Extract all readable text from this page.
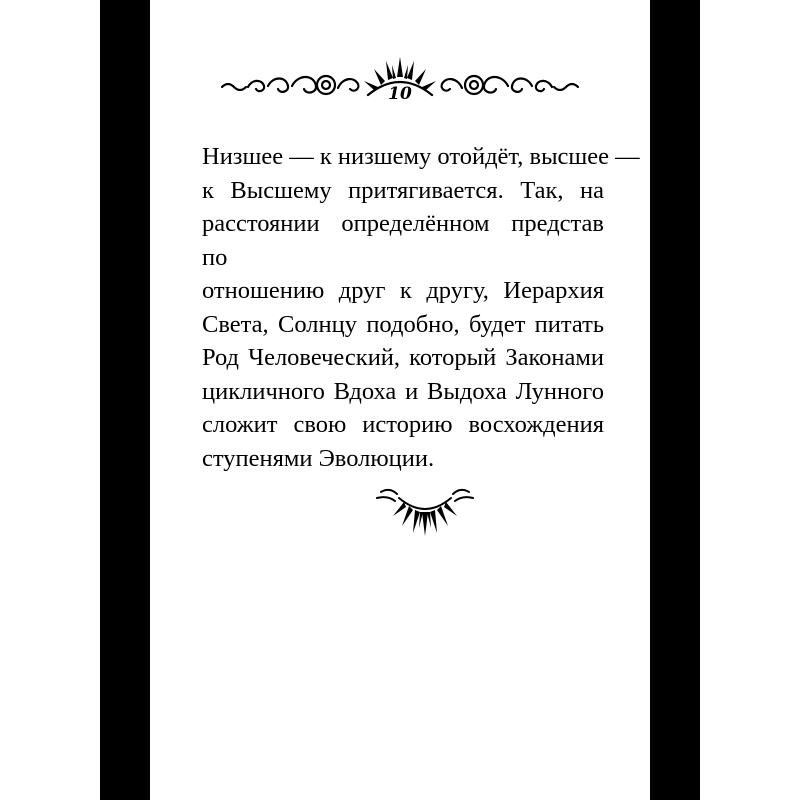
10
Низшее — к низшему отойдёт, высшее —
к Высшему притягивается. Так, на
расстоянии определённом представ по
отношению друг к другу, Иерархия
Света, Солнцу подобно, будет питать
Род Человеческий, который Законами
цикличного Вдоха и Выдоха Лунного
сложит свою историю восхождения
ступенями Эволюции.
